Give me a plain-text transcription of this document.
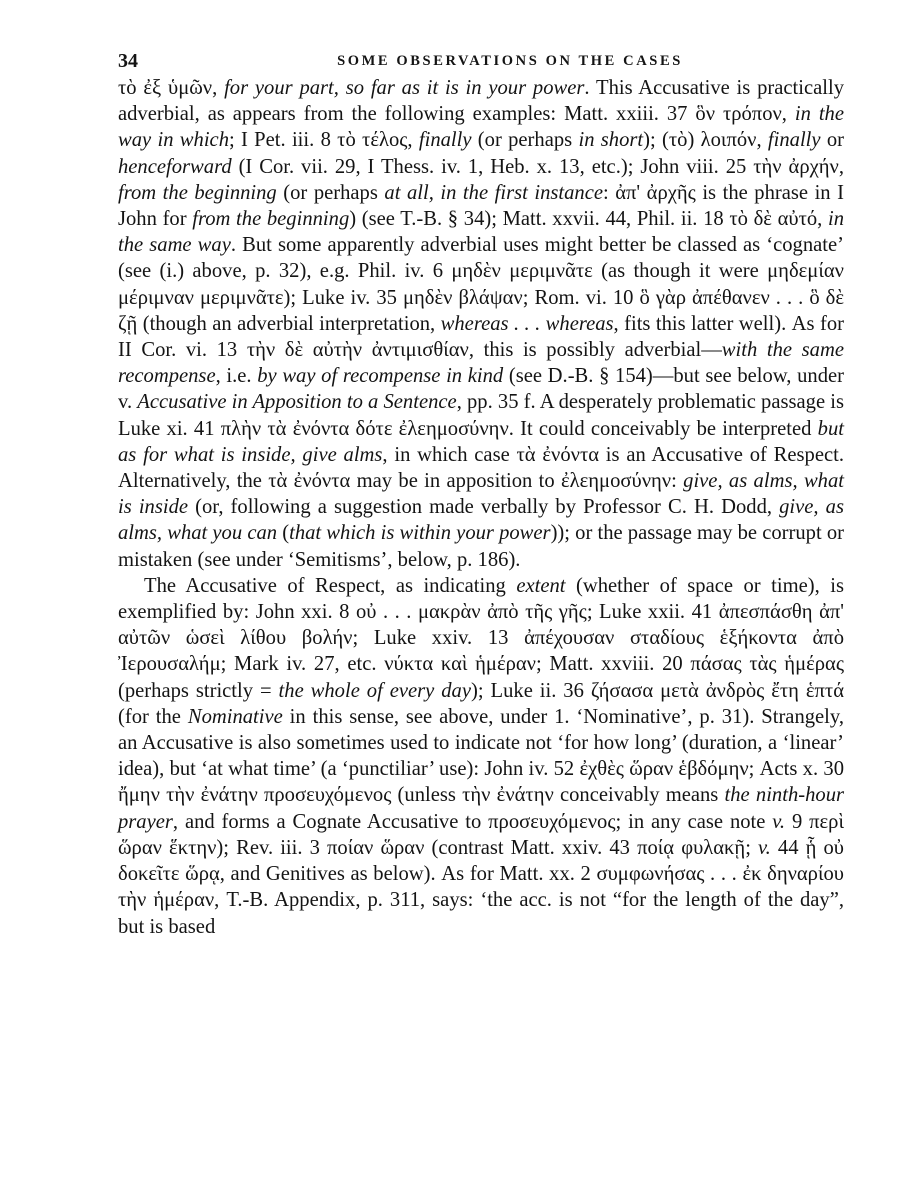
34	SOME OBSERVATIONS ON THE CASES

τὸ ἐξ ὑμῶν, for your part, so far as it is in your power. This Accusative is practically adverbial, as appears from the following examples: Matt. xxiii. 37 ὃν τρόπον, in the way in which; I Pet. iii. 8 τὸ τέλος, finally (or perhaps in short); (τὸ) λοιπόν, finally or henceforward (I Cor. vii. 29, I Thess. iv. 1, Heb. x. 13, etc.); John viii. 25 τὴν ἀρχήν, from the beginning (or perhaps at all, in the first instance: ἀπ' ἀρχῆς is the phrase in I John for from the beginning) (see T.-B. § 34); Matt. xxvii. 44, Phil. ii. 18 τὸ δὲ αὐτό, in the same way. But some apparently adverbial uses might better be classed as ‘cognate’ (see (i.) above, p. 32), e.g. Phil. iv. 6 μηδὲν μεριμνᾶτε (as though it were μηδεμίαν μέριμναν μεριμνᾶτε); Luke iv. 35 μηδὲν βλάψαν; Rom. vi. 10 ὃ γὰρ ἀπέθανεν . . . ὃ δὲ ζῇ (though an adverbial interpretation, whereas . . . whereas, fits this latter well). As for II Cor. vi. 13 τὴν δὲ αὐτὴν ἀντιμισθίαν, this is possibly adverbial—with the same recompense, i.e. by way of recompense in kind (see D.-B. § 154)—but see below, under v. Accusative in Apposition to a Sentence, pp. 35 f. A desperately problematic passage is Luke xi. 41 πλὴν τὰ ἐνόντα δότε ἐλεημοσύνην. It could conceivably be interpreted but as for what is inside, give alms, in which case τὰ ἐνόντα is an Accusative of Respect. Alternatively, the τὰ ἐνόντα may be in apposition to ἐλεημοσύνην: give, as alms, what is inside (or, following a suggestion made verbally by Professor C. H. Dodd, give, as alms, what you can (that which is within your power)); or the passage may be corrupt or mistaken (see under ‘Semitisms’, below, p. 186).

The Accusative of Respect, as indicating extent (whether of space or time), is exemplified by: John xxi. 8 οὐ . . . μακρὰν ἀπὸ τῆς γῆς; Luke xxii. 41 ἀπεσπάσθη ἀπ' αὐτῶν ὡσεὶ λίθου βολήν; Luke xxiv. 13 ἀπέχουσαν σταδίους ἑξήκοντα ἀπὸ Ἰερουσαλήμ; Mark iv. 27, etc. νύκτα καὶ ἡμέραν; Matt. xxviii. 20 πάσας τὰς ἡμέρας (perhaps strictly = the whole of every day); Luke ii. 36 ζήσασα μετὰ ἀνδρὸς ἔτη ἑπτά (for the Nominative in this sense, see above, under 1. ‘Nominative’, p. 31). Strangely, an Accusative is also sometimes used to indicate not ‘for how long’ (duration, a ‘linear’ idea), but ‘at what time’ (a ‘punctiliar’ use): John iv. 52 ἐχθὲς ὥραν ἑβδόμην; Acts x. 30 ἤμην τὴν ἐνάτην προσευχόμενος (unless τὴν ἐνάτην conceivably means the ninth-hour prayer, and forms a Cognate Accusative to προσευχόμενος; in any case note v. 9 περὶ ὥραν ἕκτην); Rev. iii. 3 ποίαν ὥραν (contrast Matt. xxiv. 43 ποίᾳ φυλακῇ; v. 44 ᾗ οὐ δοκεῖτε ὥρᾳ, and Genitives as below). As for Matt. xx. 2 συμφωνήσας . . . ἐκ δηναρίου τὴν ἡμέραν, T.-B. Appendix, p. 311, says: ‘the acc. is not “for the length of the day”, but is based
